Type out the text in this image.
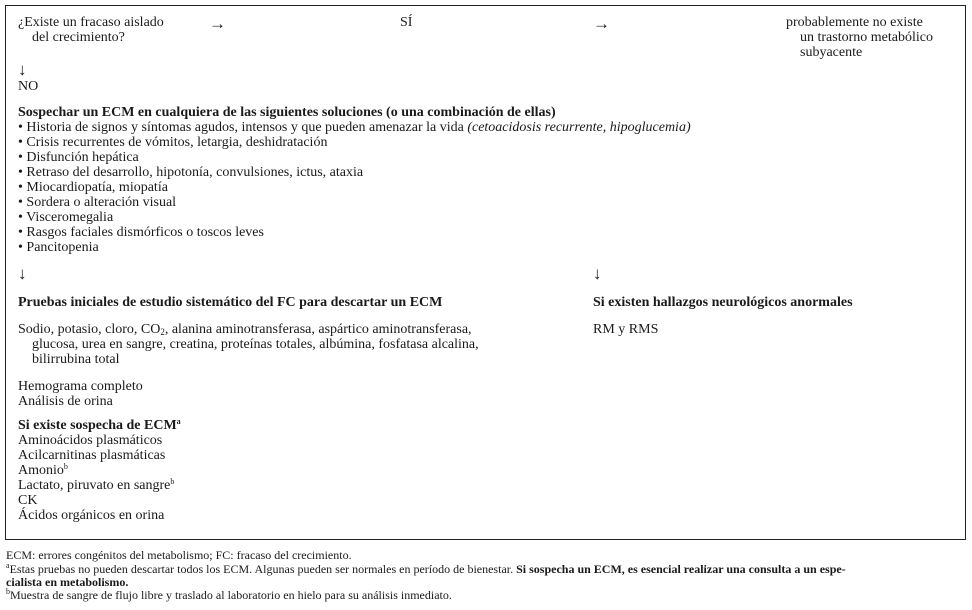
¿Existe un fracaso aislado
del crecimiento?
→	SÍ	→	probablemente no existe
un trastorno metabólico
subyacente
↓
NO
Sospechar un ECM en cualquiera de las siguientes soluciones (o una combinación de ellas)
• Historia de signos y síntomas agudos, intensos y que pueden amenazar la vida (cetoacidosis recurrente, hipoglucemia)
• Crisis recurrentes de vómitos, letargia, deshidratación
• Disfunción hepática
• Retraso del desarrollo, hipotonía, convulsiones, ictus, ataxia
• Miocardiopatía, miopatía
• Sordera o alteración visual
• Visceromegalia
• Rasgos faciales dismórficos o toscos leves
• Pancitopenia
↓	↓
Pruebas iniciales de estudio sistemático del FC para descartar un ECM
Sodio, potasio, cloro, $CO_2$, alanina aminotransferasa, aspártico aminotransferasa,
glucosa, urea en sangre, creatina, proteínas totales, albúmina, fosfatasa alcalina,
bilirrubina total
Hemograma completo
Análisis de orina
Si existe sospecha de ECM$^a$
Aminoácidos plasmáticos
Acilcarnitinas plasmáticas
Amonio$^b$
Lactato, piruvato en sangre$^b$
CK
Ácidos orgánicos en orina
Si existen hallazgos neurológicos anormales
RM y RMS
ECM: errores congénitos del metabolismo; FC: fracaso del crecimiento.
$^a$Estas pruebas no pueden descartar todos los ECM. Algunas pueden ser normales en período de bienestar. Si sospecha un ECM, es esencial realizar una consulta a un espe-
cialista en metabolismo.
$^b$Muestra de sangre de flujo libre y traslado al laboratorio en hielo para su análisis inmediato.
